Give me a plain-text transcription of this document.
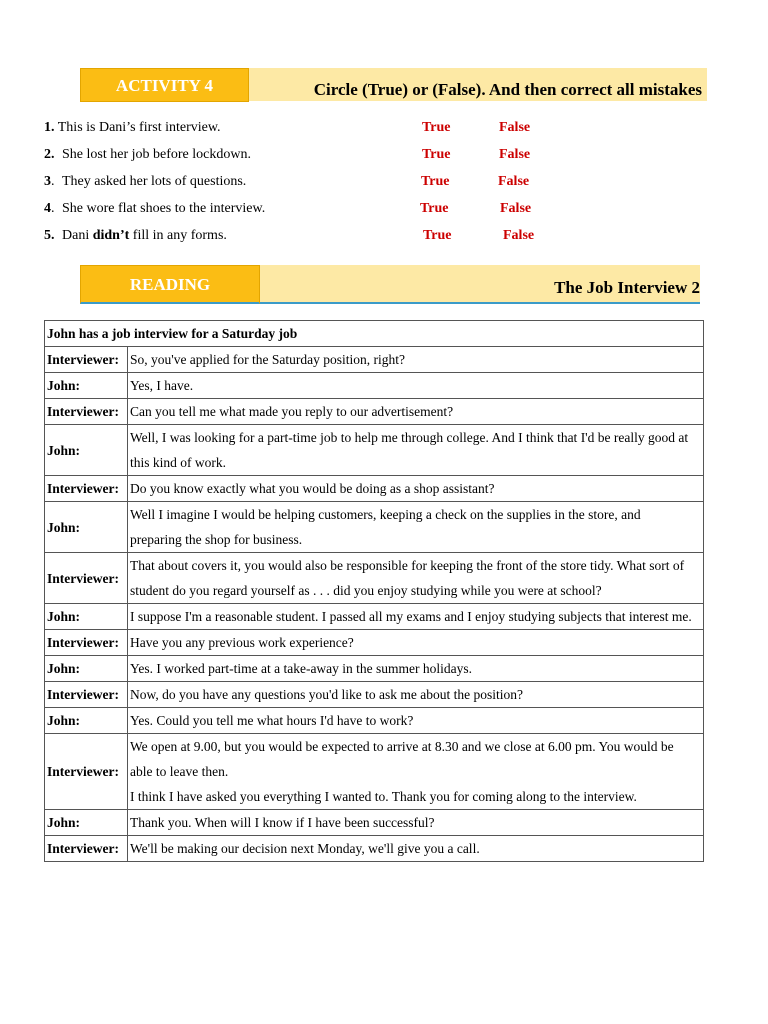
ACTIVITY 4	Circle (True) or (False). And then correct all mistakes
1. This is Dani’s first interview.	True	False
2. She lost her job before lockdown.	True	False
3. They asked her lots of questions.	True	False
4. She wore flat shoes to the interview.	True	False
5. Dani didn’t fill in any forms.	True	False
READING	The Job Interview 2
John has a job interview for a Saturday job	
Interviewer:	So, you've applied for the Saturday position, right?

John:	Yes, I have.

Interviewer:	Can you tell me what made you reply to our advertisement?

John:	Well, I was looking for a part-time job to help me through college. And I think that I'd be really good at
this kind of work.

Interviewer:	Do you know exactly what you would be doing as a shop assistant?

John:	Well I imagine I would be helping customers, keeping a check on the supplies in the store, and
preparing the shop for business.

Interviewer:	That about covers it, you would also be responsible for keeping the front of the store tidy. What sort of
student do you regard yourself as . . . did you enjoy studying while you were at school?

John:	I suppose I'm a reasonable student. I passed all my exams and I enjoy studying subjects that interest me.

Interviewer:	Have you any previous work experience?

John:	Yes. I worked part-time at a take-away in the summer holidays.

Interviewer:	Now, do you have any questions you'd like to ask me about the position?

John:	Yes. Could you tell me what hours I'd have to work?

Interviewer:	We open at 9.00, but you would be expected to arrive at 8.30 and we close at 6.00 pm. You would be
able to leave then.
I think I have asked you everything I wanted to. Thank you for coming along to the interview.

John:	Thank you. When will I know if I have been successful?

Interviewer:	We'll be making our decision next Monday, we'll give you a call.
